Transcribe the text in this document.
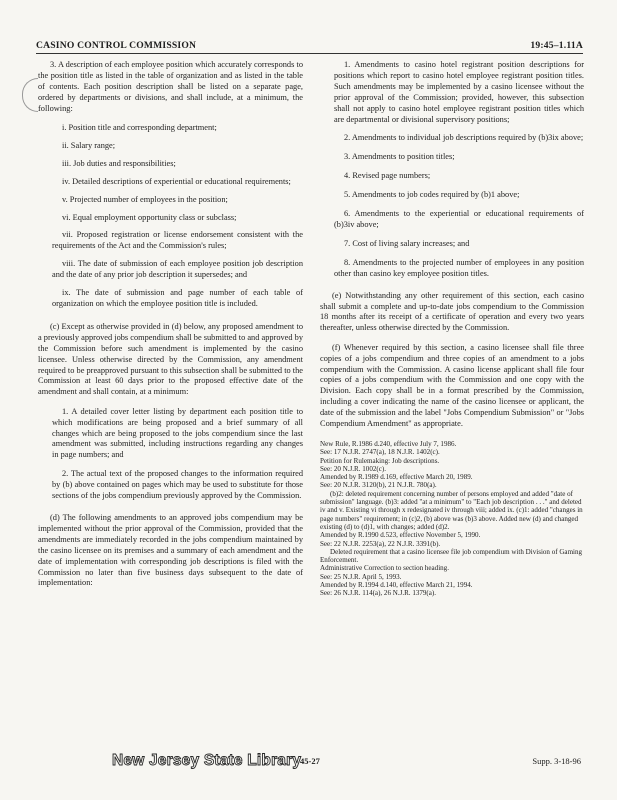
CASINO CONTROL COMMISSION	19:45–1.11A
3. A description of each employee position which accurately corresponds to the position title as listed in the table of organization and as listed in the table of contents. Each position description shall be listed on a separate page, ordered by departments or divisions, and shall include, at a minimum, the following:
i. Position title and corresponding department;
ii. Salary range;
iii. Job duties and responsibilities;
iv. Detailed descriptions of experiential or educational requirements;
v. Projected number of employees in the position;
vi. Equal employment opportunity class or subclass;
vii. Proposed registration or license endorsement consistent with the requirements of the Act and the Commission's rules;
viii. The date of submission of each employee position job description and the date of any prior job description it supersedes; and
ix. The date of submission and page number of each table of organization on which the employee position title is included.
(c) Except as otherwise provided in (d) below, any proposed amendment to a previously approved jobs compendium shall be submitted to and approved by the Commission before such amendment is implemented by the casino licensee. Unless otherwise directed by the Commission, any amendment required to be preapproved pursuant to this subsection shall be submitted to the Commission at least 60 days prior to the proposed effective date of the amendment and shall contain, at a minimum:
1. A detailed cover letter listing by department each position title to which modifications are being proposed and a brief summary of all changes which are being proposed to the jobs compendium since the last amendment was submitted, including instructions regarding any changes in page numbers; and
2. The actual text of the proposed changes to the information required by (b) above contained on pages which may be used to substitute for those sections of the jobs compendium previously approved by the Commission.
(d) The following amendments to an approved jobs compendium may be implemented without the prior approval of the Commission, provided that the amendments are immediately recorded in the jobs compendium maintained by the casino licensee on its premises and a summary of each amendment and the date of implementation with corresponding job descriptions is filed with the Commission no later than five business days subsequent to the date of implementation:
1. Amendments to casino hotel registrant position descriptions for positions which report to casino hotel employee registrant position titles. Such amendments may be implemented by a casino licensee without the prior approval of the Commission; provided, however, this subsection shall not apply to casino hotel employee registrant position titles which are departmental or divisional supervisory positions;
2. Amendments to individual job descriptions required by (b)3ix above;
3. Amendments to position titles;
4. Revised page numbers;
5. Amendments to job codes required by (b)1 above;
6. Amendments to the experiential or educational requirements of (b)3iv above;
7. Cost of living salary increases; and
8. Amendments to the projected number of employees in any position other than casino key employee position titles.
(e) Notwithstanding any other requirement of this section, each casino shall submit a complete and up-to-date jobs compendium to the Commission 18 months after its receipt of a certificate of operation and every two years thereafter, unless otherwise directed by the Commission.
(f) Whenever required by this section, a casino licensee shall file three copies of a jobs compendium and three copies of an amendment to a jobs compendium with the Commission. A casino license applicant shall file four copies of a jobs compendium with the Commission and one copy with the Division. Each copy shall be in a format prescribed by the Commission, including a cover indicating the name of the casino licensee or applicant, the date of the submission and the label "Jobs Compendium Submission" or "Jobs Compendium Amendment" as appropriate.
New Rule, R.1986 d.240, effective July 7, 1986.
See: 17 N.J.R. 2747(a), 18 N.J.R. 1402(c).
Petition for Rulemaking: Job descriptions.
See: 20 N.J.R. 1002(c).
Amended by R.1989 d.169, effective March 20, 1989.
See: 20 N.J.R. 3120(b), 21 N.J.R. 780(a).
(b)2: deleted requirement concerning number of persons employed and added "date of submission" language. (b)3: added "at a minimum" to "Each job description . . ." and deleted iv and v. Existing vi through x redesignated iv through viii; added ix. (c)1: added "changes in page numbers" requirement; in (c)2, (b) above was (b)3 above. Added new (d) and changed existing (d) to (d)1, with changes; added (d)2.
Amended by R.1990 d.523, effective November 5, 1990.
See: 22 N.J.R. 2253(a), 22 N.J.R. 3391(b).
Deleted requirement that a casino licensee file job compendium with Division of Gaming Enforcement.
Administrative Correction to section heading.
See: 25 N.J.R. April 5, 1993.
Amended by R.1994 d.140, effective March 21, 1994.
See: 26 N.J.R. 114(a), 26 N.J.R. 1379(a).
New Jersey State Library
45-27	Supp. 3-18-96
